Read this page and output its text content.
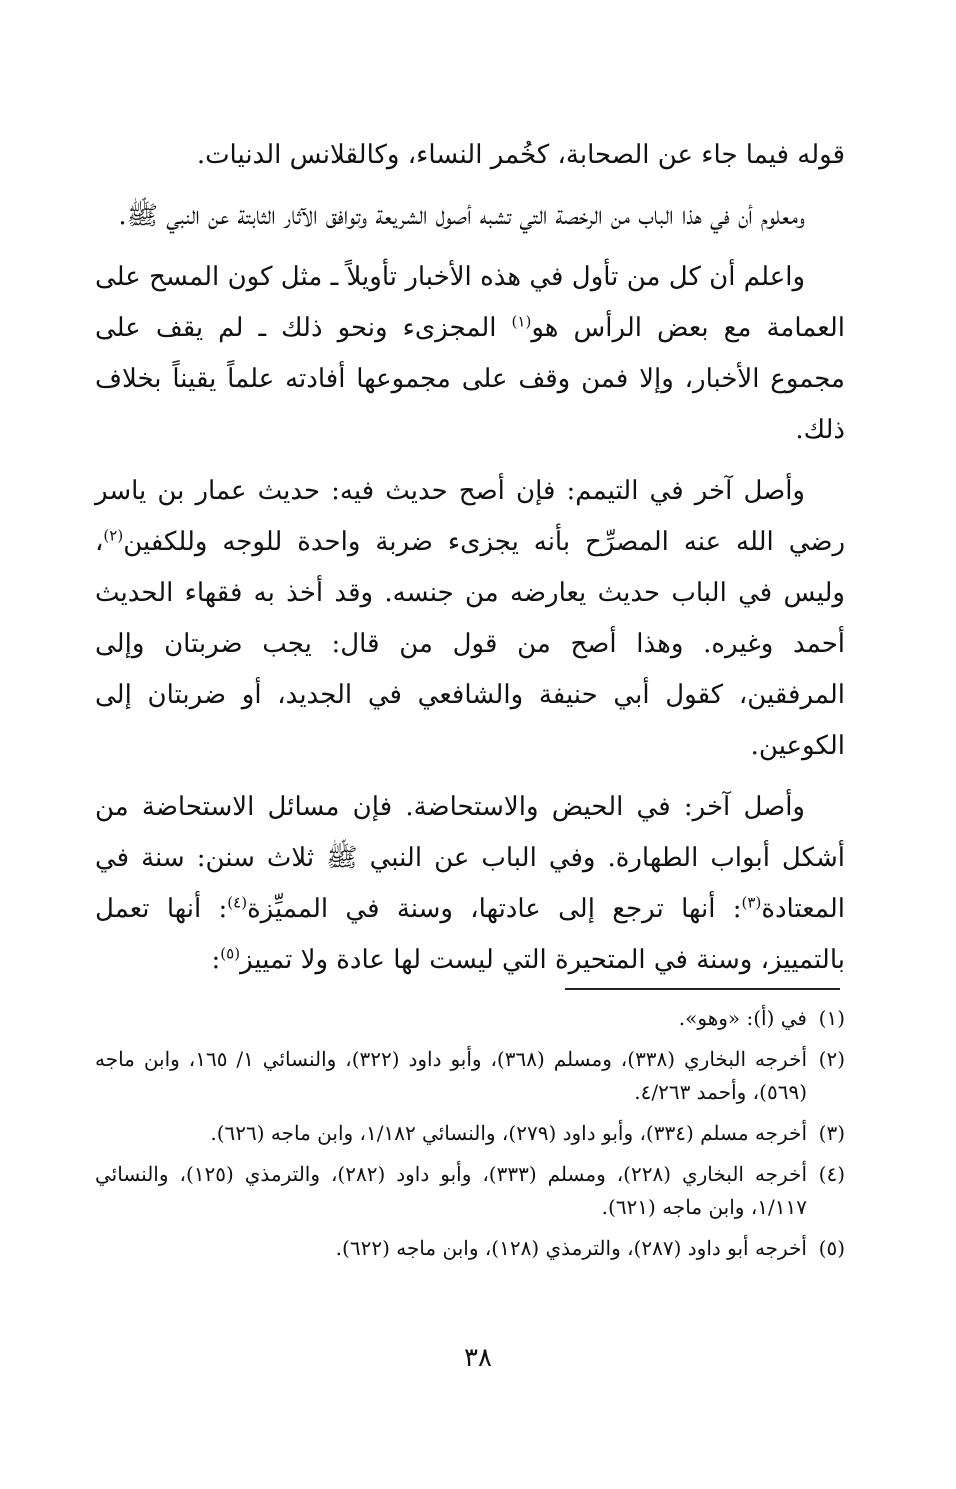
قوله فيما جاء عن الصحابة، كخُمر النساء، وكالقلانس الدنيات.

ومعلوم أن في هذا الباب من الرخصة التي تشبه أصول الشريعة وتوافق الآثار الثابتة عن النبي ﷺ.

واعلم أن كل من تأول في هذه الأخبار تأويلاً ـ مثل كون المسح على العمامة مع بعض الرأس هو$^{(١)}$ المجزىء ونحو ذلك ـ لم يقف على مجموع الأخبار، وإلا فمن وقف على مجموعها أفادته علماً يقيناً بخلاف ذلك.

وأصل آخر في التيمم: فإن أصح حديث فيه: حديث عمار بن ياسر رضي الله عنه المصرِّح بأنه يجزىء ضربة واحدة للوجه وللكفين$^{(٢)}$، وليس في الباب حديث يعارضه من جنسه. وقد أخذ به فقهاء الحديث أحمد وغيره. وهذا أصح من قول من قال: يجب ضربتان وإلى المرفقين، كقول أبي حنيفة والشافعي في الجديد، أو ضربتان إلى الكوعين.

وأصل آخر: في الحيض والاستحاضة. فإن مسائل الاستحاضة من أشكل أبواب الطهارة. وفي الباب عن النبي ﷺ ثلاث سنن: سنة في المعتادة$^{(٣)}$: أنها ترجع إلى عادتها، وسنة في المميِّزة$^{(٤)}$: أنها تعمل بالتمييز، وسنة في المتحيرة التي ليست لها عادة ولا تمييز$^{(٥)}$:

(١)
في (أ): «وهو».
(٢)
أخرجه البخاري (٣٣٨)، ومسلم (٣٦٨)، وأبو داود (٣٢٢)، والنسائي ١/ ١٦٥، وابن ماجه (٥٦٩)، وأحمد ٤/٢٦٣.
(٣)
أخرجه مسلم (٣٣٤)، وأبو داود (٢٧٩)، والنسائي ١/١٨٢، وابن ماجه (٦٢٦).
(٤)
أخرجه البخاري (٢٢٨)، ومسلم (٣٣٣)، وأبو داود (٢٨٢)، والترمذي (١٢٥)، والنسائي ١/١١٧، وابن ماجه (٦٢١).
(٥)
أخرجه أبو داود (٢٨٧)، والترمذي (١٢٨)، وابن ماجه (٦٢٢).
٣٨
